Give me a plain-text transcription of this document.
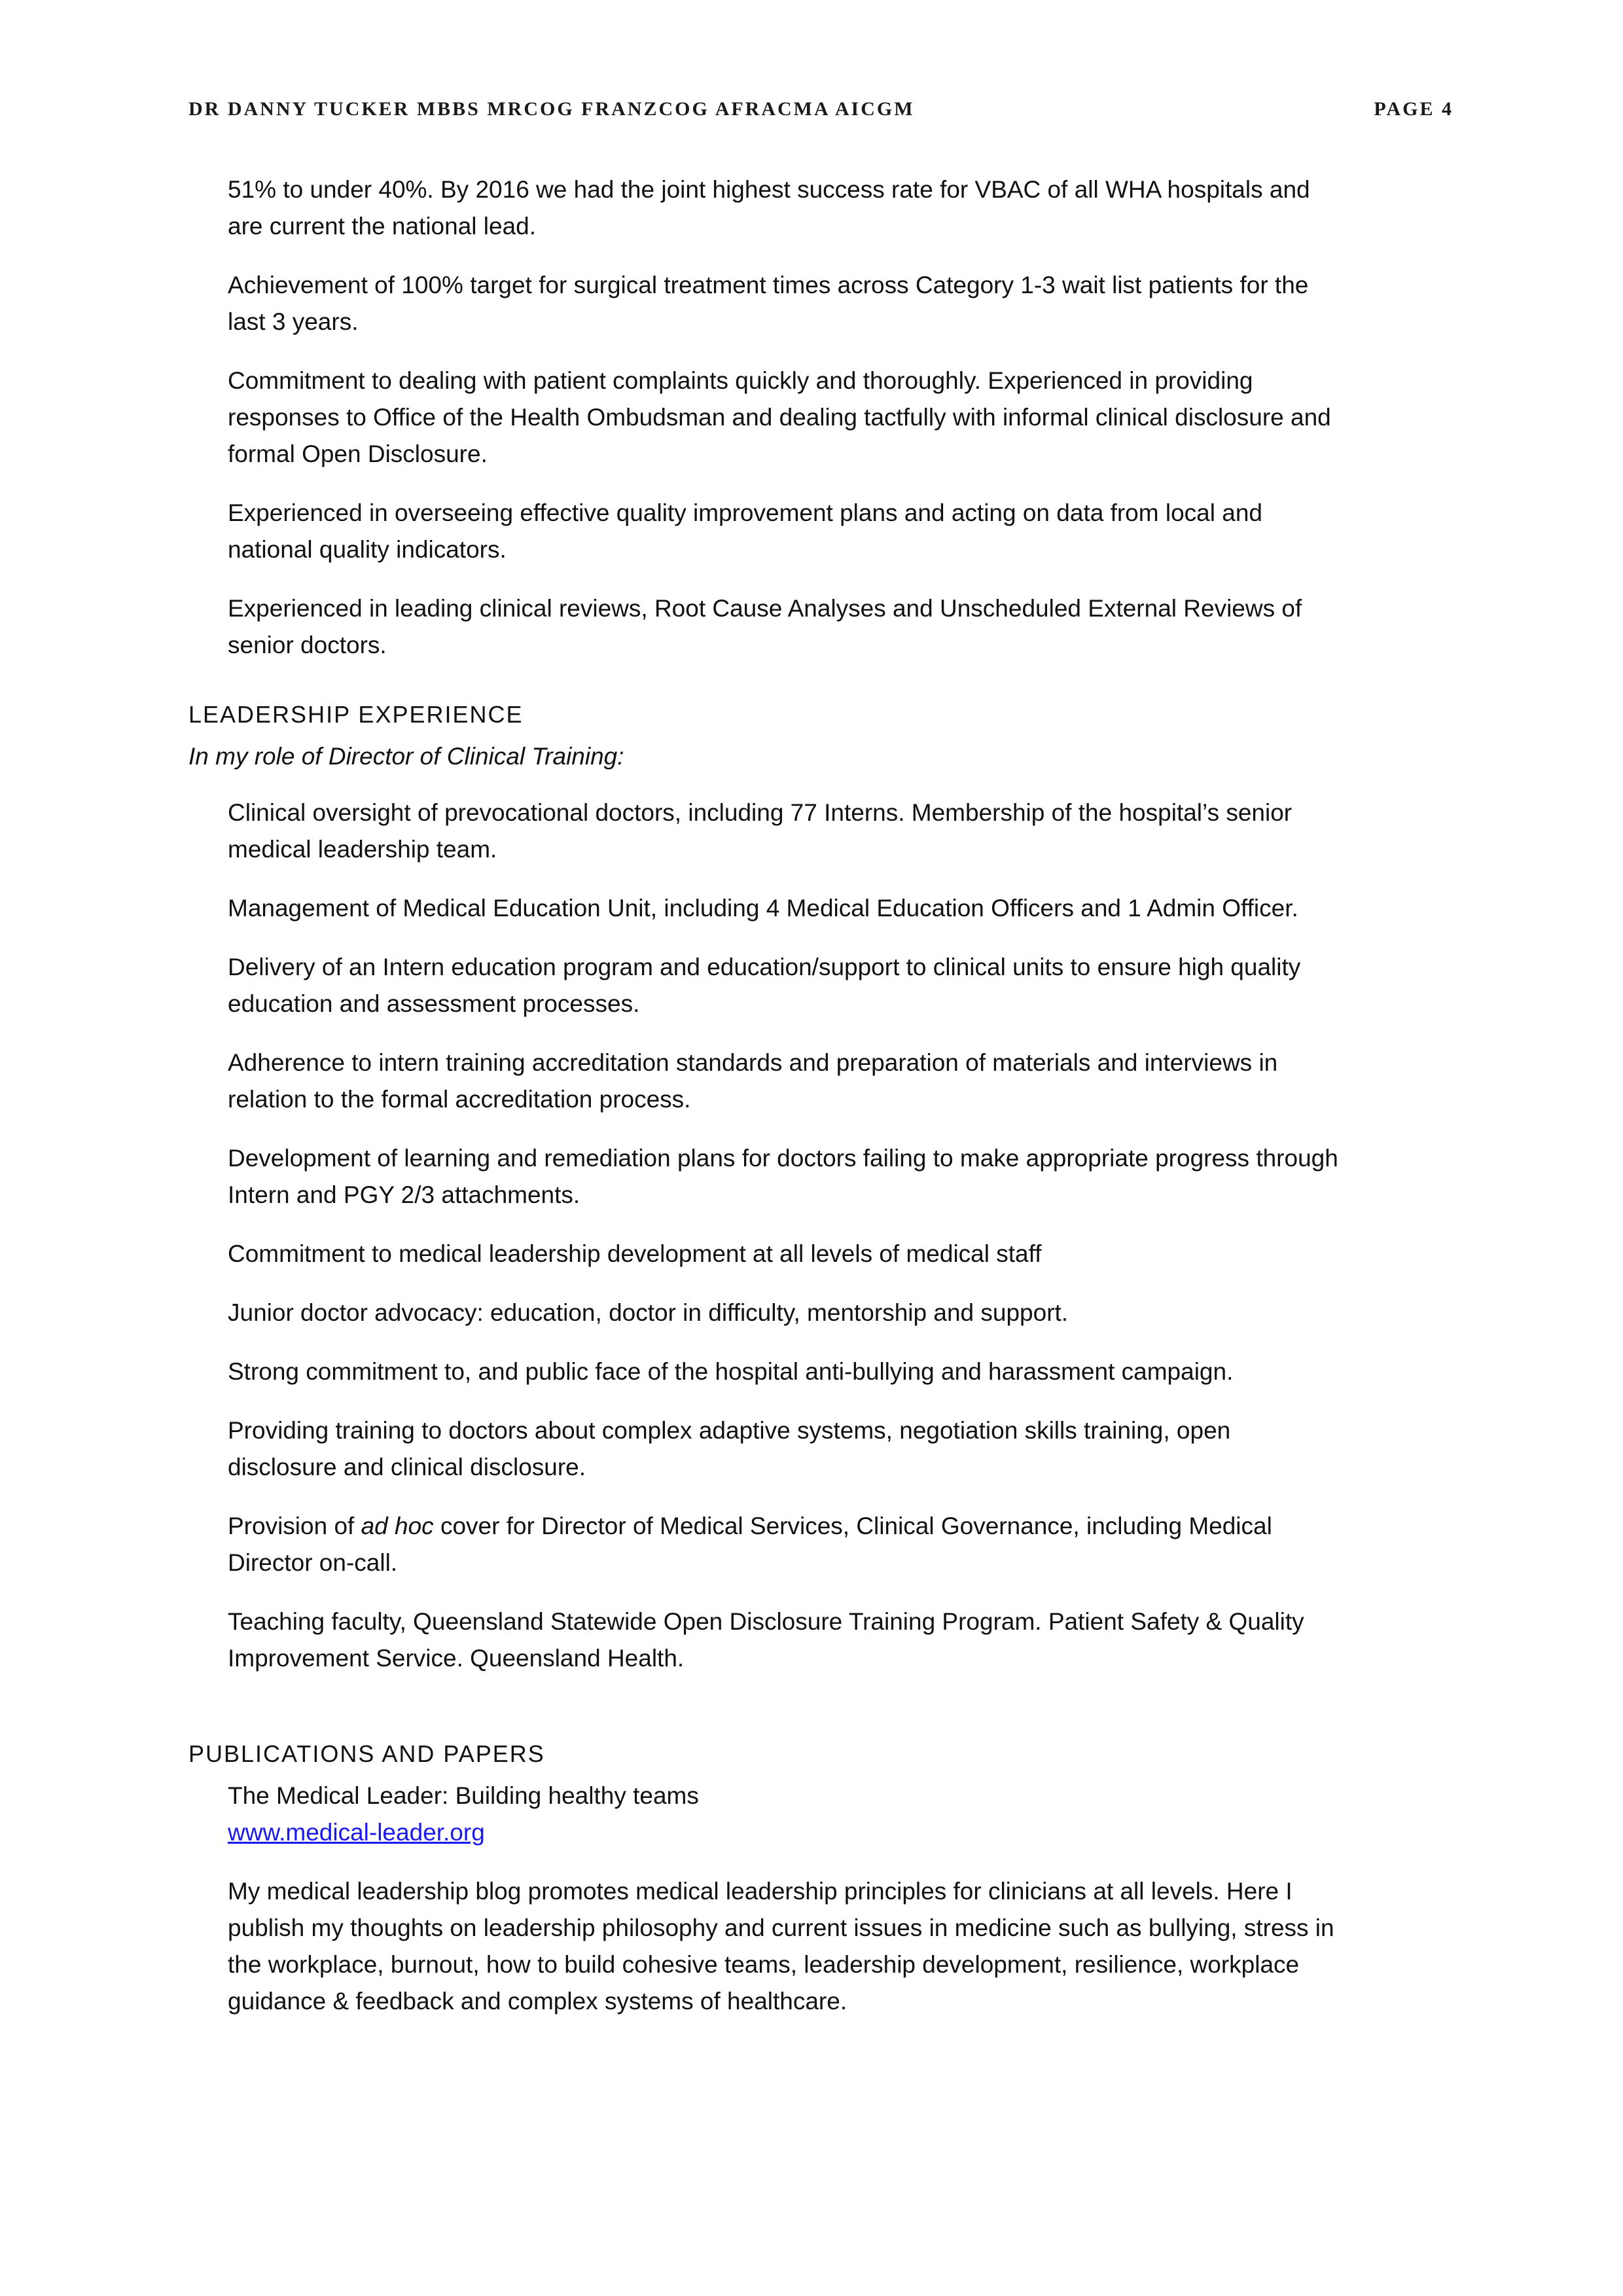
DR DANNY TUCKER MBBS MRCOG FRANZCOG AFRACMA AICGM	PAGE 4

51% to under 40%. By 2016 we had the joint highest success rate for VBAC of all WHA hospitals and are current the national lead.

Achievement of 100% target for surgical treatment times across Category 1-3 wait list patients for the last 3 years.

Commitment to dealing with patient complaints quickly and thoroughly. Experienced in providing responses to Office of the Health Ombudsman and dealing tactfully with informal clinical disclosure and formal Open Disclosure.

Experienced in overseeing effective quality improvement plans and acting on data from local and national quality indicators.

Experienced in leading clinical reviews, Root Cause Analyses and Unscheduled External Reviews of senior doctors.

LEADERSHIP EXPERIENCE
In my role of Director of Clinical Training:

Clinical oversight of prevocational doctors, including 77 Interns. Membership of the hospital’s senior medical leadership team.

Management of Medical Education Unit, including 4 Medical Education Officers and 1 Admin Officer.

Delivery of an Intern education program and education/support to clinical units to ensure high quality education and assessment processes.

Adherence to intern training accreditation standards and preparation of materials and interviews in relation to the formal accreditation process.

Development of learning and remediation plans for doctors failing to make appropriate progress through Intern and PGY 2/3 attachments.

Commitment to medical leadership development at all levels of medical staff

Junior doctor advocacy: education, doctor in difficulty, mentorship and support.

Strong commitment to, and public face of the hospital anti-bullying and harassment campaign.

Providing training to doctors about complex adaptive systems, negotiation skills training, open disclosure and clinical disclosure.

Provision of ad hoc cover for Director of Medical Services, Clinical Governance, including Medical Director on-call.

Teaching faculty, Queensland Statewide Open Disclosure Training Program. Patient Safety & Quality Improvement Service. Queensland Health.

PUBLICATIONS AND PAPERS
The Medical Leader: Building healthy teams
www.medical-leader.org

My medical leadership blog promotes medical leadership principles for clinicians at all levels. Here I publish my thoughts on leadership philosophy and current issues in medicine such as bullying, stress in the workplace, burnout, how to build cohesive teams, leadership development, resilience, workplace guidance & feedback and complex systems of healthcare.
